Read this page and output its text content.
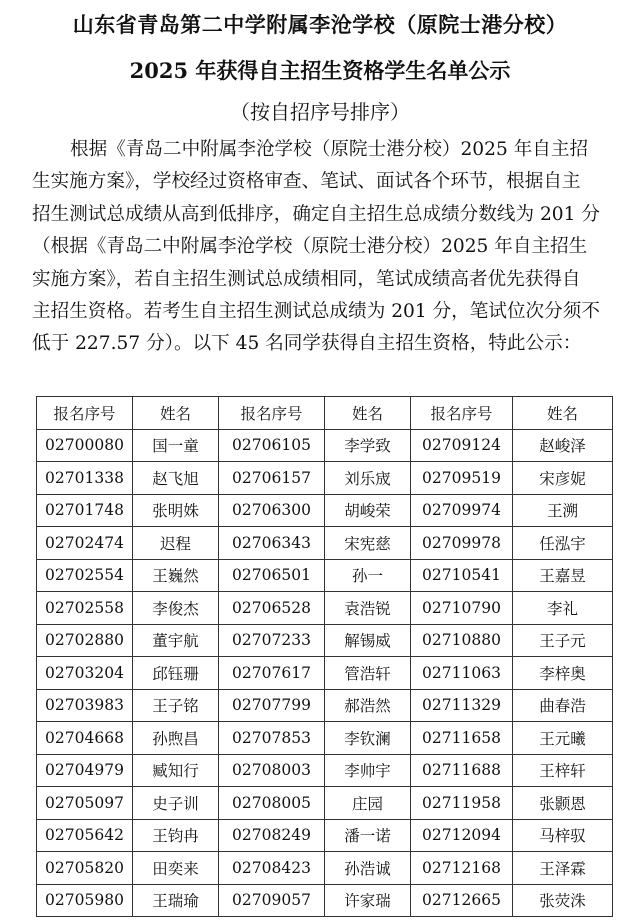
山东省青岛第二中学附属李沧学校（原院士港分校）
2025 年获得自主招生资格学生名单公示
（按自招序号排序）
根据《青岛二中附属李沧学校（原院士港分校）2025 年自主招
生实施方案》，学校经过资格审查、笔试、面试各个环节，根据自主
招生测试总成绩从高到低排序，确定自主招生总成绩分数线为 201 分
（根据《青岛二中附属李沧学校（原院士港分校）2025 年自主招生
实施方案》，若自主招生测试总成绩相同，笔试成绩高者优先获得自
主招生资格。若考生自主招生测试总成绩为 201 分，笔试位次分须不
低于 227.57 分）。以下 45 名同学获得自主招生资格，特此公示：
报名序号	姓名	报名序号	姓名	报名序号	姓名
02700080	国一童	02706105	李学致	02709124	赵峻泽
02701338	赵飞旭	02706157	刘乐宬	02709519	宋彦妮
02701748	张明姝	02706300	胡峻荣	02709974	王溯
02702474	迟程	02706343	宋宪慈	02709978	任泓宇
02702554	王巍然	02706501	孙一	02710541	王嘉昱
02702558	李俊杰	02706528	袁浩锐	02710790	李礼
02702880	董宇航	02707233	解锡威	02710880	王子元
02703204	邱钰珊	02707617	管浩轩	02711063	李梓奥
02703983	王子铭	02707799	郝浩然	02711329	曲春浩
02704668	孙煦昌	02707853	李钦澜	02711658	王元曦
02704979	臧知行	02708003	李帅宇	02711688	王梓轩
02705097	史子训	02708005	庄园	02711958	张颢恩
02705642	王钧冉	02708249	潘一诺	02712094	马梓驭
02705820	田奕来	02708423	孙浩诚	02712168	王泽霖
02705980	王瑞瑜	02709057	许家瑞	02712665	张荧洙
